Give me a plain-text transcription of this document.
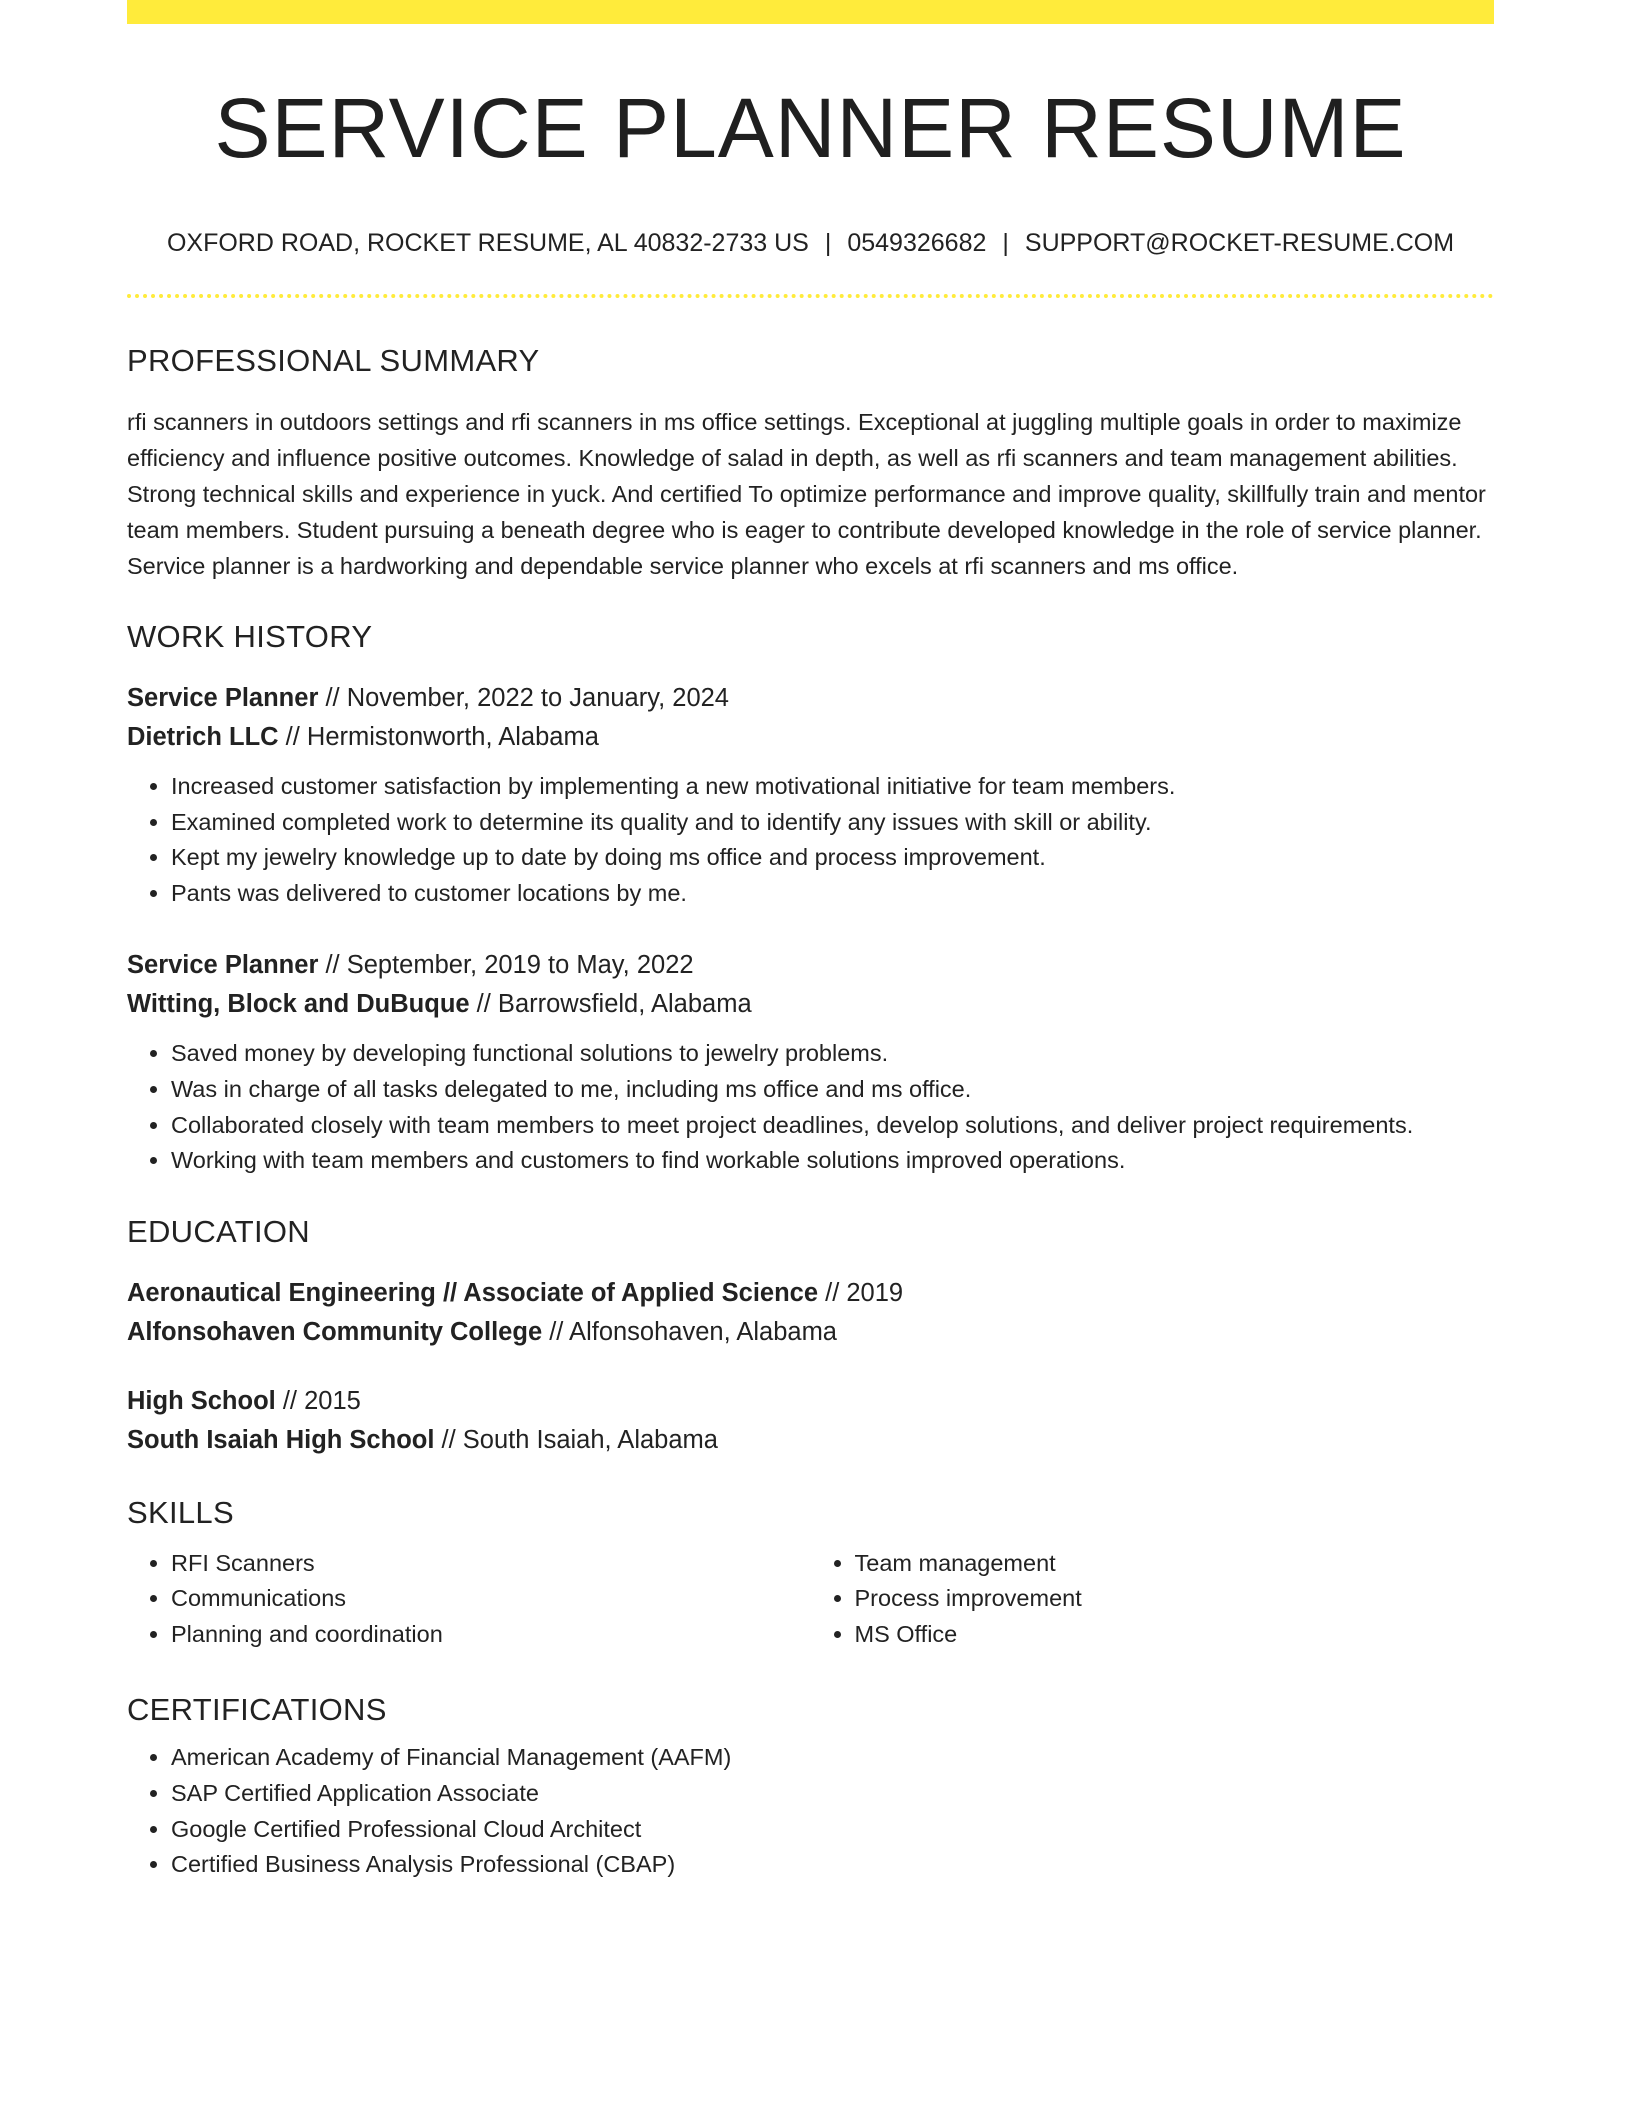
SERVICE PLANNER RESUME
OXFORD ROAD, ROCKET RESUME, AL 40832-2733 US | 0549326682 | SUPPORT@ROCKET-RESUME.COM
PROFESSIONAL SUMMARY

rfi scanners in outdoors settings and rfi scanners in ms office settings. Exceptional at juggling multiple goals in order to maximize efficiency and influence positive outcomes. Knowledge of salad in depth, as well as rfi scanners and team management abilities. Strong technical skills and experience in yuck. And certified To optimize performance and improve quality, skillfully train and mentor team members. Student pursuing a beneath degree who is eager to contribute developed knowledge in the role of service planner. Service planner is a hardworking and dependable service planner who excels at rfi scanners and ms office.

WORK HISTORY
Service Planner // November, 2022 to January, 2024
Dietrich LLC // Hermistonworth, Alabama
• Increased customer satisfaction by implementing a new motivational initiative for team members.
• Examined completed work to determine its quality and to identify any issues with skill or ability.
• Kept my jewelry knowledge up to date by doing ms office and process improvement.
• Pants was delivered to customer locations by me.
Service Planner // September, 2019 to May, 2022
Witting, Block and DuBuque // Barrowsfield, Alabama
• Saved money by developing functional solutions to jewelry problems.
• Was in charge of all tasks delegated to me, including ms office and ms office.
• Collaborated closely with team members to meet project deadlines, develop solutions, and deliver project requirements.
• Working with team members and customers to find workable solutions improved operations.
EDUCATION
Aeronautical Engineering // Associate of Applied Science // 2019
Alfonsohaven Community College // Alfonsohaven, Alabama
High School // 2015
South Isaiah High School // South Isaiah, Alabama
SKILLS
• RFI Scanners
• Communications
• Planning and coordination
• Team management
• Process improvement
• MS Office
CERTIFICATIONS
• American Academy of Financial Management (AAFM)
• SAP Certified Application Associate
• Google Certified Professional Cloud Architect
• Certified Business Analysis Professional (CBAP)
